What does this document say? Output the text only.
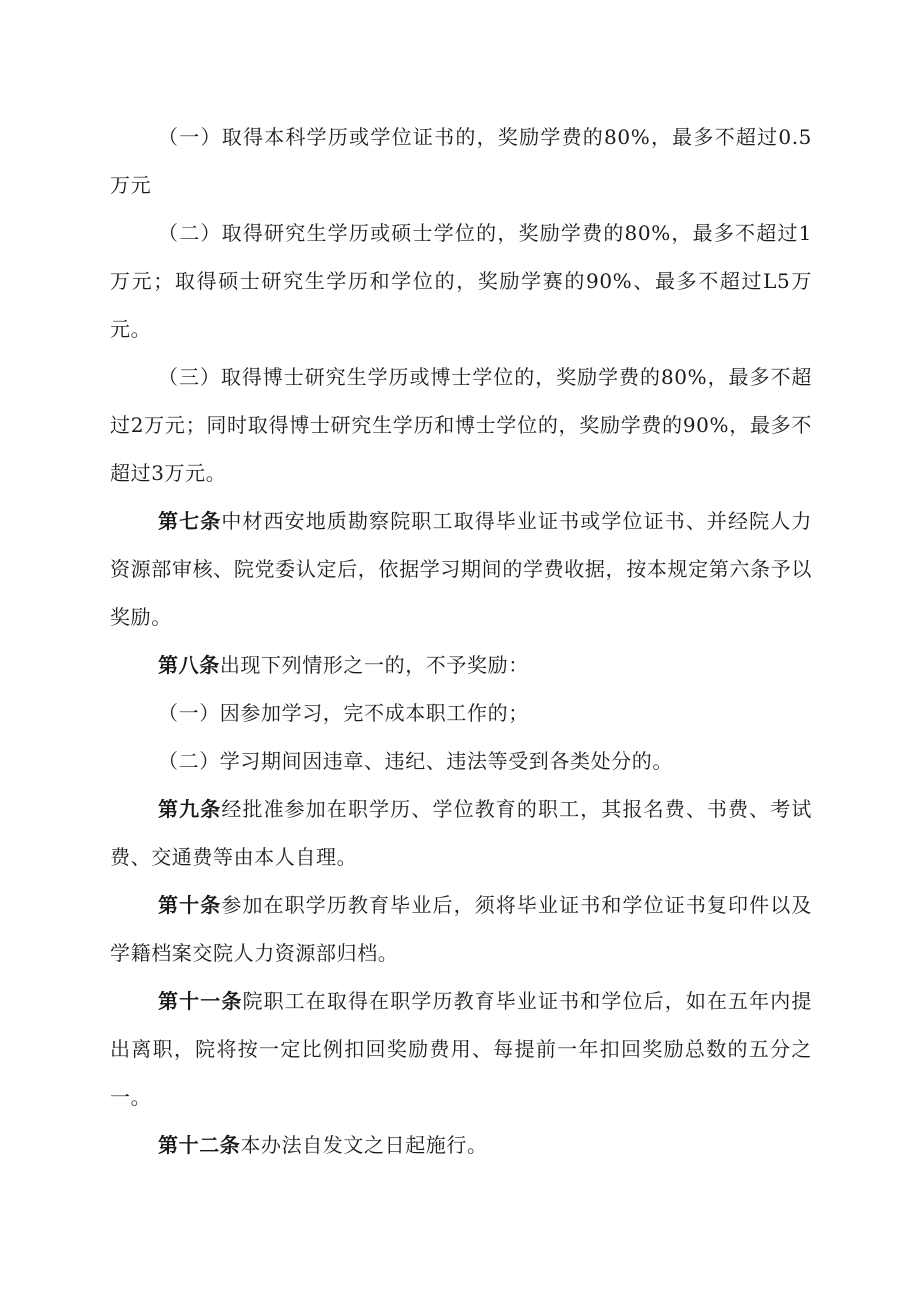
（一）取得本科学历或学位证书的，奖励学费的80%，最多不超过0.5万元

（二）取得研究生学历或硕士学位的，奖励学费的80%，最多不超过1万元；取得硕士研究生学历和学位的，奖励学赛的90%、最多不超过L5万元。

（三）取得博士研究生学历或博士学位的，奖励学费的80%，最多不超过2万元；同时取得博士研究生学历和博士学位的，奖励学费的90%，最多不超过3万元。

第七条中材西安地质勘察院职工取得毕业证书或学位证书、并经院人力资源部审核、院党委认定后，依据学习期间的学费收据，按本规定第六条予以奖励。

第八条出现下列情形之一的，不予奖励：

（一）因参加学习，完不成本职工作的；

（二）学习期间因违章、违纪、违法等受到各类处分的。

第九条经批准参加在职学历、学位教育的职工，其报名费、书费、考试费、交通费等由本人自理。

第十条参加在职学历教育毕业后，须将毕业证书和学位证书复印件以及学籍档案交院人力资源部归档。

第十一条院职工在取得在职学历教育毕业证书和学位后，如在五年内提出离职，院将按一定比例扣回奖励费用、每提前一年扣回奖励总数的五分之一。

第十二条本办法自发文之日起施行。
